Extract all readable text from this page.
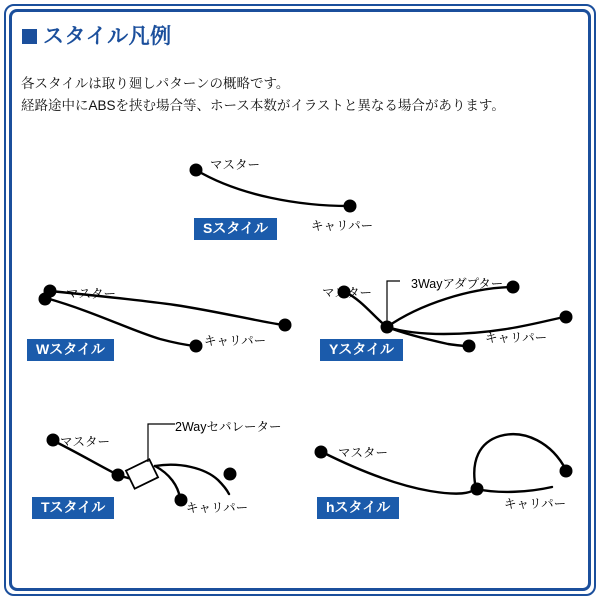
スタイル凡例
各スタイルは取り廻しパターンの概略です。
経路途中にABSを挟む場合等、ホース本数がイラストと異なる場合があります。
マスター
キャリパー
Sスタイル
マスター
キャリパー
Wスタイル
マスター
3Wayアダプター
キャリパー
Yスタイル
マスター
2Wayセパレーター
キャリパー
Tスタイル
マスター
キャリパー
hスタイル
